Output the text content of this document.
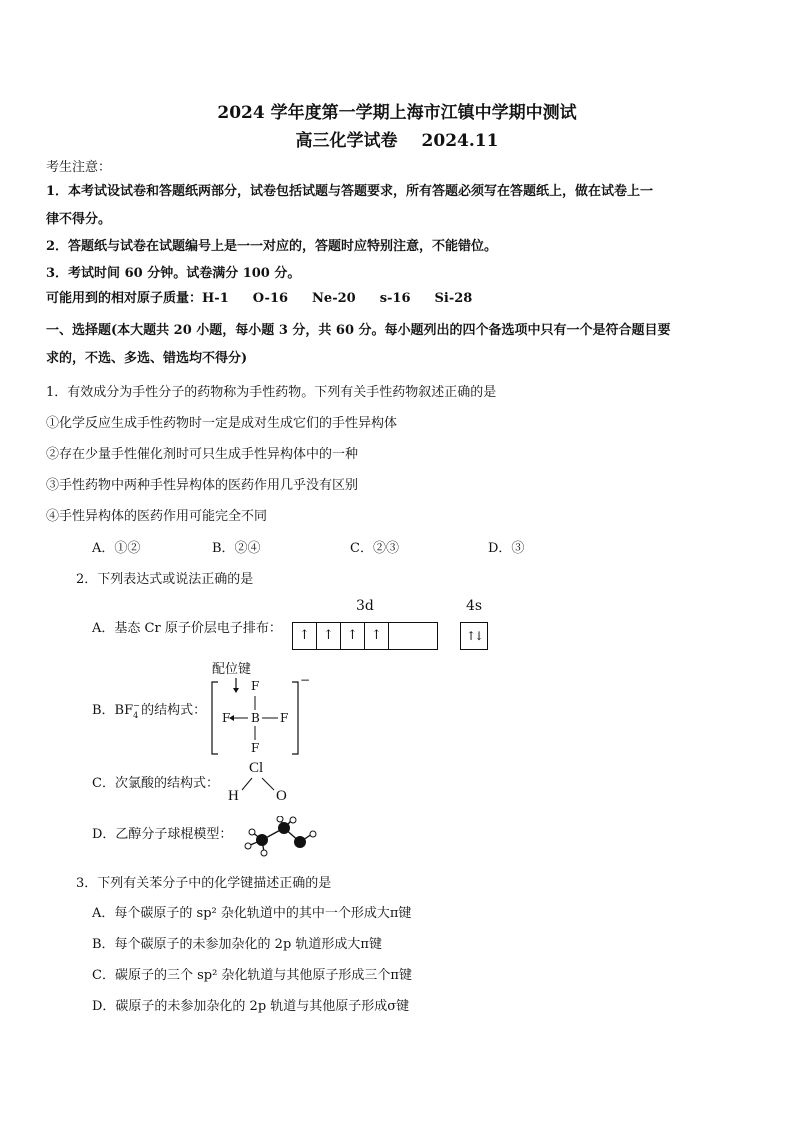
2024 学年度第一学期上海市江镇中学期中测试
高三化学试卷 2024.11
考生注意：
1．本考试设试卷和答题纸两部分，试卷包括试题与答题要求，所有答题必须写在答题纸上，做在试卷上一
律不得分。
2．答题纸与试卷在试题编号上是一一对应的，答题时应特别注意，不能错位。
3．考试时间 60 分钟。试卷满分 100 分。
可能用到的相对原子质量：H-1 O-16 Ne-20 s-16 Si-28
一、选择题(本大题共 20 小题，每小题 3 分，共 60 分。每小题列出的四个备选项中只有一个是符合题目要
求的，不选、多选、错选均不得分)
1．有效成分为手性分子的药物称为手性药物。下列有关手性药物叙述正确的是
①化学反应生成手性药物时一定是成对生成它们的手性异构体
②存在少量手性催化剂时可只生成手性异构体中的一种
③手性药物中两种手性异构体的医药作用几乎没有区别
④手性异构体的医药作用可能完全不同
A．①②	B．②④	C．②③	D．③
2．下列表达式或说法正确的是
3d	4s
A．基态 Cr 原子价层电子排布：	↑	↑	↑	↑	↑↓
配位键
B．BF −
4 的结构式：
F
F B F
F
−
C．次氯酸的结构式：
Cl
H O
D．乙醇分子球棍模型：
3．下列有关苯分子中的化学键描述正确的是
A．每个碳原子的 sp² 杂化轨道中的其中一个形成大π键
B．每个碳原子的未参加杂化的 2p 轨道形成大π键
C．碳原子的三个 sp² 杂化轨道与其他原子形成三个π键
D．碳原子的未参加杂化的 2p 轨道与其他原子形成σ键
